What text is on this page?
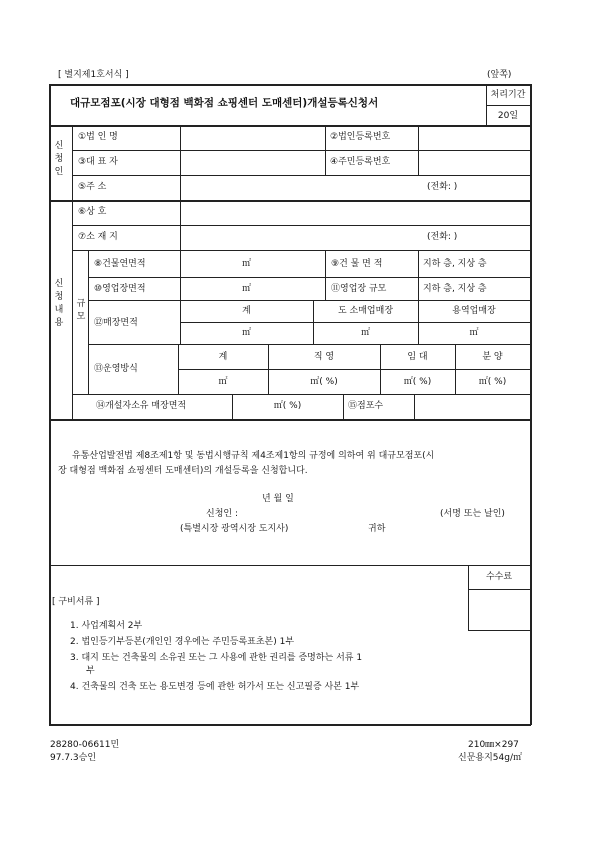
[ 별지제1호서식 ]	(앞쪽)
대규모점포(시장 대형점 백화점 쇼핑센터 도매센터)개설등록신청서
처리기간
20일
신청인
①법 인 명	②법인등록번호
③대 표 자	④주민등록번호
⑤주 소	(전화: )
신청내용
⑥상 호
⑦소 재 지	(전화: )
규모
⑧건물연면적	㎡	⑨건 물 면 적	지하 층, 지상 층
⑩영업장면적	㎡	⑪영업장 규모	지하 층, 지상 층
⑫매장면적
계	도 소매업매장	용역업매장
㎡	㎡	㎡
⑬운영방식
계	직 영	임 대	분 양
㎡	㎡( %)	㎡( %)	㎡( %)
⑭개설자소유 매장면적	㎡( %)	⑮점포수
유통산업발전법 제8조제1항 및 동법시행규칙 제4조제1항의 규정에 의하여 위 대규모점포(시
장 대형점 백화점 쇼핑센터 도매센터)의 개설등록을 신청합니다.
년 월 일
신청인 :	(서명 또는 날인)
(특별시장 광역시장 도지사)	귀하
수수료
[ 구비서류 ]
1. 사업계획서 2부
2. 법인등기부등본(개인인 경우에는 주민등록표초본) 1부
3. 대지 또는 건축물의 소유권 또는 그 사용에 관한 권리를 증명하는 서류 1
부
4. 건축물의 건축 또는 용도변경 등에 관한 허가서 또는 신고필증 사본 1부
28280-06611민
97.7.3승인
210㎜×297
신문용지54g/㎡
